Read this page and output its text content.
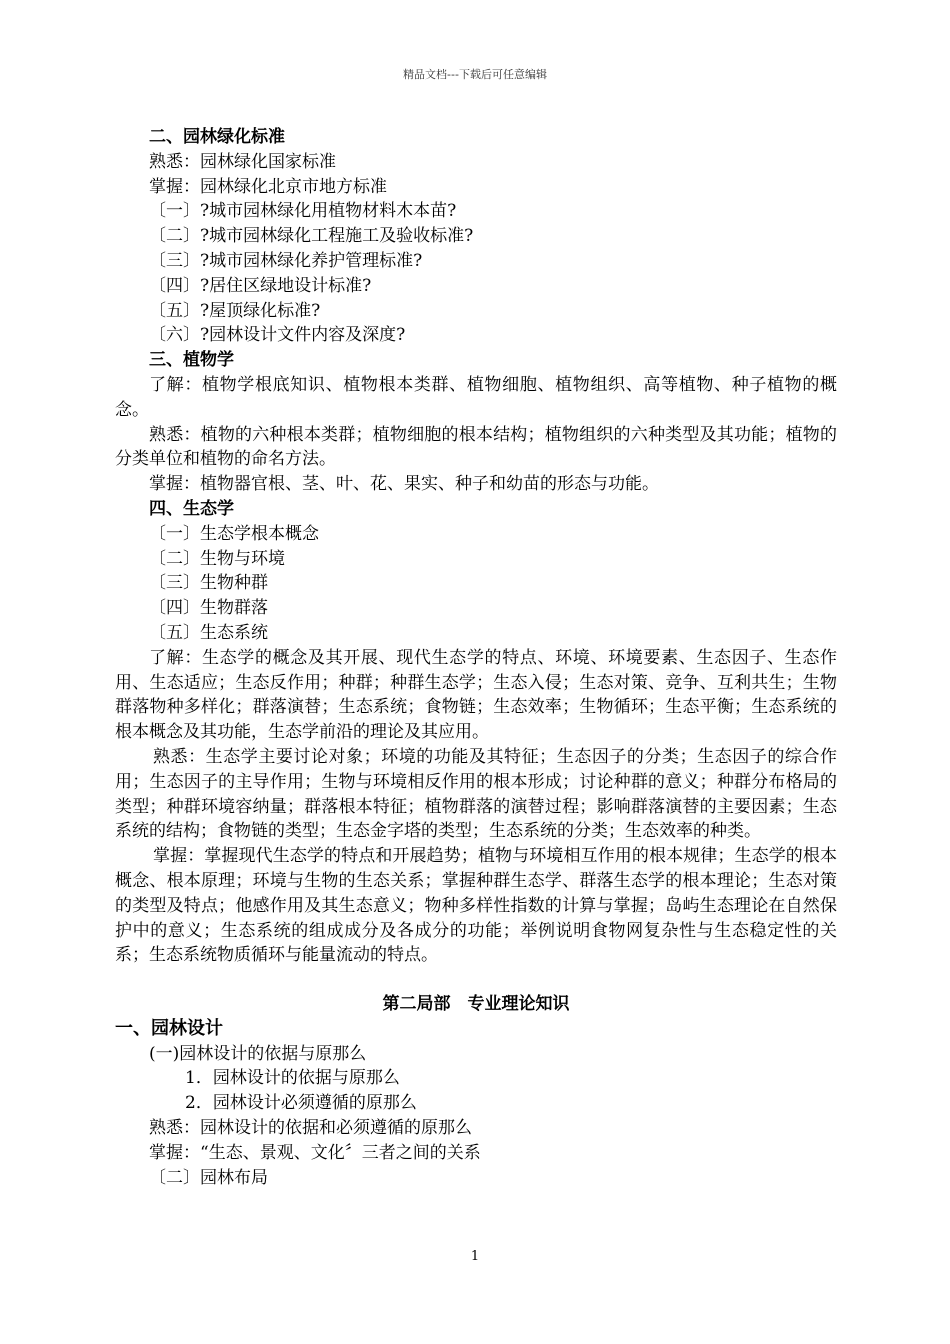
精品文档---下载后可任意编辑
二、园林绿化标准
熟悉：园林绿化国家标准
掌握：园林绿化北京市地方标准
〔一〕?城市园林绿化用植物材料木本苗?
〔二〕?城市园林绿化工程施工及验收标准?
〔三〕?城市园林绿化养护管理标准?
〔四〕?居住区绿地设计标准?
〔五〕?屋顶绿化标准?
〔六〕?园林设计文件内容及深度?
三、植物学
了解：植物学根底知识、植物根本类群、植物细胞、植物组织、高等植物、种子植物的概念。
熟悉：植物的六种根本类群；植物细胞的根本结构；植物组织的六种类型及其功能；植物的分类单位和植物的命名方法。
掌握：植物器官根、茎、叶、花、果实、种子和幼苗的形态与功能。
四、生态学
〔一〕生态学根本概念
〔二〕生物与环境
〔三〕生物种群
〔四〕生物群落
〔五〕生态系统
了解：生态学的概念及其开展、现代生态学的特点、环境、环境要素、生态因子、生态作用、生态适应；生态反作用；种群；种群生态学；生态入侵；生态对策、竞争、互利共生；生物群落物种多样化；群落演替；生态系统；食物链；生态效率；生物循环；生态平衡；生态系统的根本概念及其功能，生态学前沿的理论及其应用。
熟悉：生态学主要讨论对象；环境的功能及其特征；生态因子的分类；生态因子的综合作用；生态因子的主导作用；生物与环境相反作用的根本形成；讨论种群的意义；种群分布格局的类型；种群环境容纳量；群落根本特征；植物群落的演替过程；影响群落演替的主要因素；生态系统的结构；食物链的类型；生态金字塔的类型；生态系统的分类；生态效率的种类。
掌握：掌握现代生态学的特点和开展趋势；植物与环境相互作用的根本规律；生态学的根本概念、根本原理；环境与生物的生态关系；掌握种群生态学、群落生态学的根本理论；生态对策的类型及特点；他感作用及其生态意义；物种多样性指数的计算与掌握；岛屿生态理论在自然保护中的意义；生态系统的组成成分及各成分的功能；举例说明食物网复杂性与生态稳定性的关系；生态系统物质循环与能量流动的特点。
第二局部　专业理论知识
一、园林设计
(一)园林设计的依据与原那么
1．园林设计的依据与原那么
2．园林设计必须遵循的原那么
熟悉：园林设计的依据和必须遵循的原那么
掌握：“生态、景观、文化〞三者之间的关系
〔二〕园林布局
1
